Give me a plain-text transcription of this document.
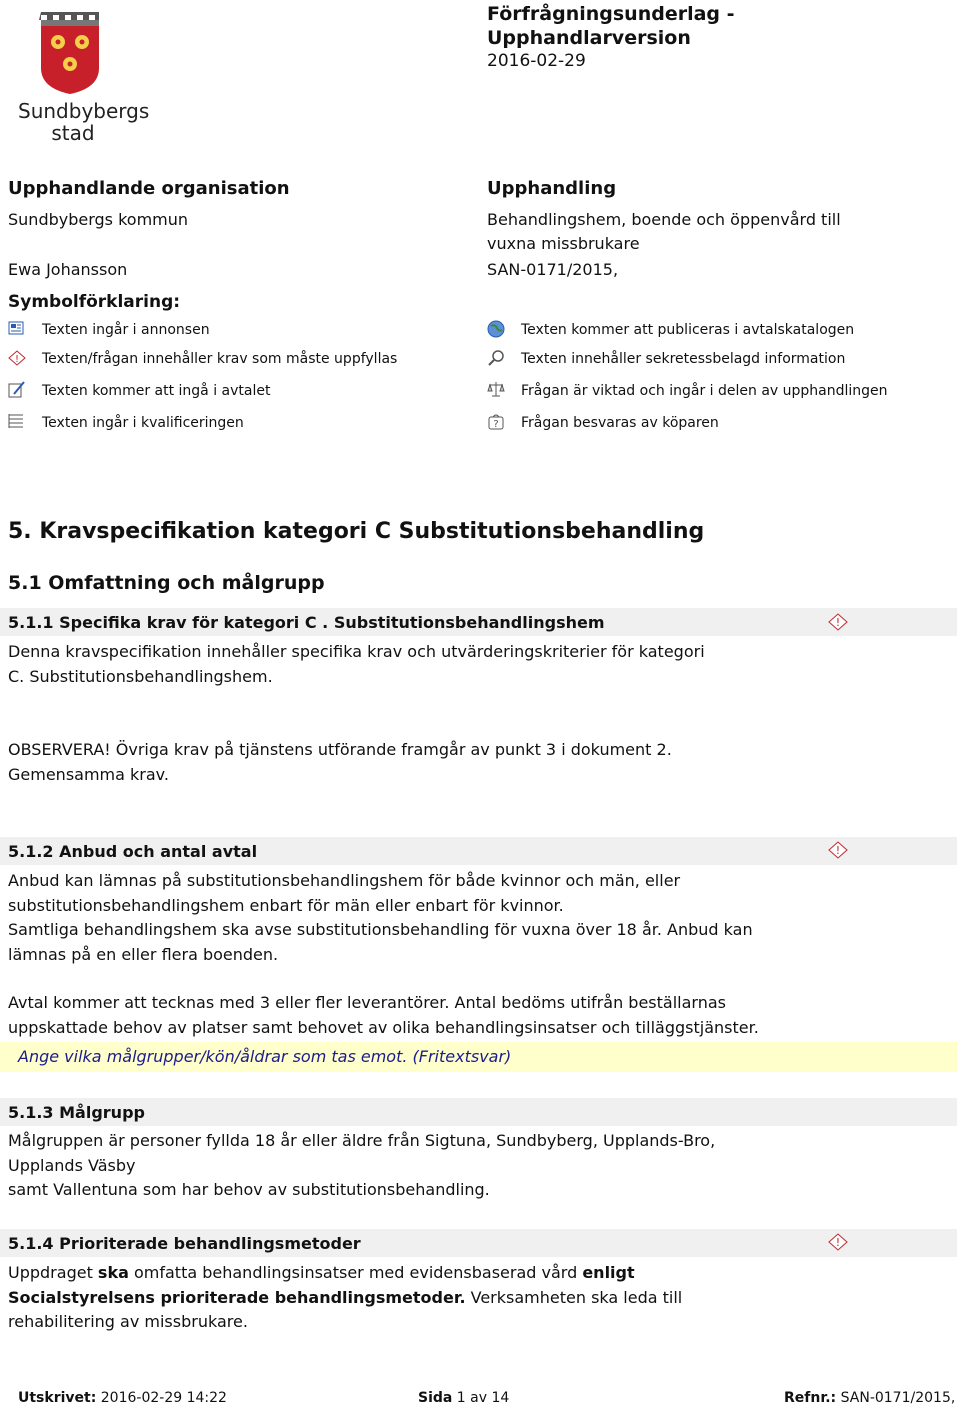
Sundbybergs
stad
Förfrågningsunderlag -
Upphandlarversion
2016-02-29
Upphandlande organisation
Sundbybergs kommun
Ewa Johansson
Upphandling
Behandlingshem, boende och öppenvård till
vuxna missbrukare
SAN-0171/2015,
Symbolförklaring:
Texten ingår i annonsen
! Texten/frågan innehåller krav som måste uppfyllas
Texten kommer att ingå i avtalet
Texten ingår i kvalificeringen
Texten kommer att publiceras i avtalskatalogen
Texten innehåller sekretessbelagd information
Frågan är viktad och ingår i delen av upphandlingen
? Frågan besvaras av köparen
5. Kravspecifikation kategori C Substitutionsbehandling
5.1 Omfattning och målgrupp
5.1.1 Specifika krav för kategori C . Substitutionsbehandlingshem	!
Denna kravspecifikation innehåller specifika krav och utvärderingskriterier för kategori
C. Substitutionsbehandlingshem.
OBSERVERA! Övriga krav på tjänstens utförande framgår av punkt 3 i dokument 2.
Gemensamma krav.
5.1.2 Anbud och antal avtal	!
Anbud kan lämnas på substitutionsbehandlingshem för både kvinnor och män, eller
substitutionsbehandlingshem enbart för män eller enbart för kvinnor.
Samtliga behandlingshem ska avse substitutionsbehandling för vuxna över 18 år. Anbud kan
lämnas på en eller flera boenden.
Avtal kommer att tecknas med 3 eller fler leverantörer. Antal bedöms utifrån beställarnas
uppskattade behov av platser samt behovet av olika behandlingsinsatser och tilläggstjänster.
Ange vilka målgrupper/kön/åldrar som tas emot. (Fritextsvar)
5.1.3 Målgrupp
Målgruppen är personer fyllda 18 år eller äldre från Sigtuna, Sundbyberg, Upplands-Bro,
Upplands Väsby
samt Vallentuna som har behov av substitutionsbehandling.
5.1.4 Prioriterade behandlingsmetoder	!
Uppdraget ska omfatta behandlingsinsatser med evidensbaserad vård enligt
Socialstyrelsens prioriterade behandlingsmetoder. Verksamheten ska leda till
rehabilitering av missbrukare.
Utskrivet: 2016-02-29 14:22	Sida 1 av 14	Refnr.: SAN-0171/2015,
